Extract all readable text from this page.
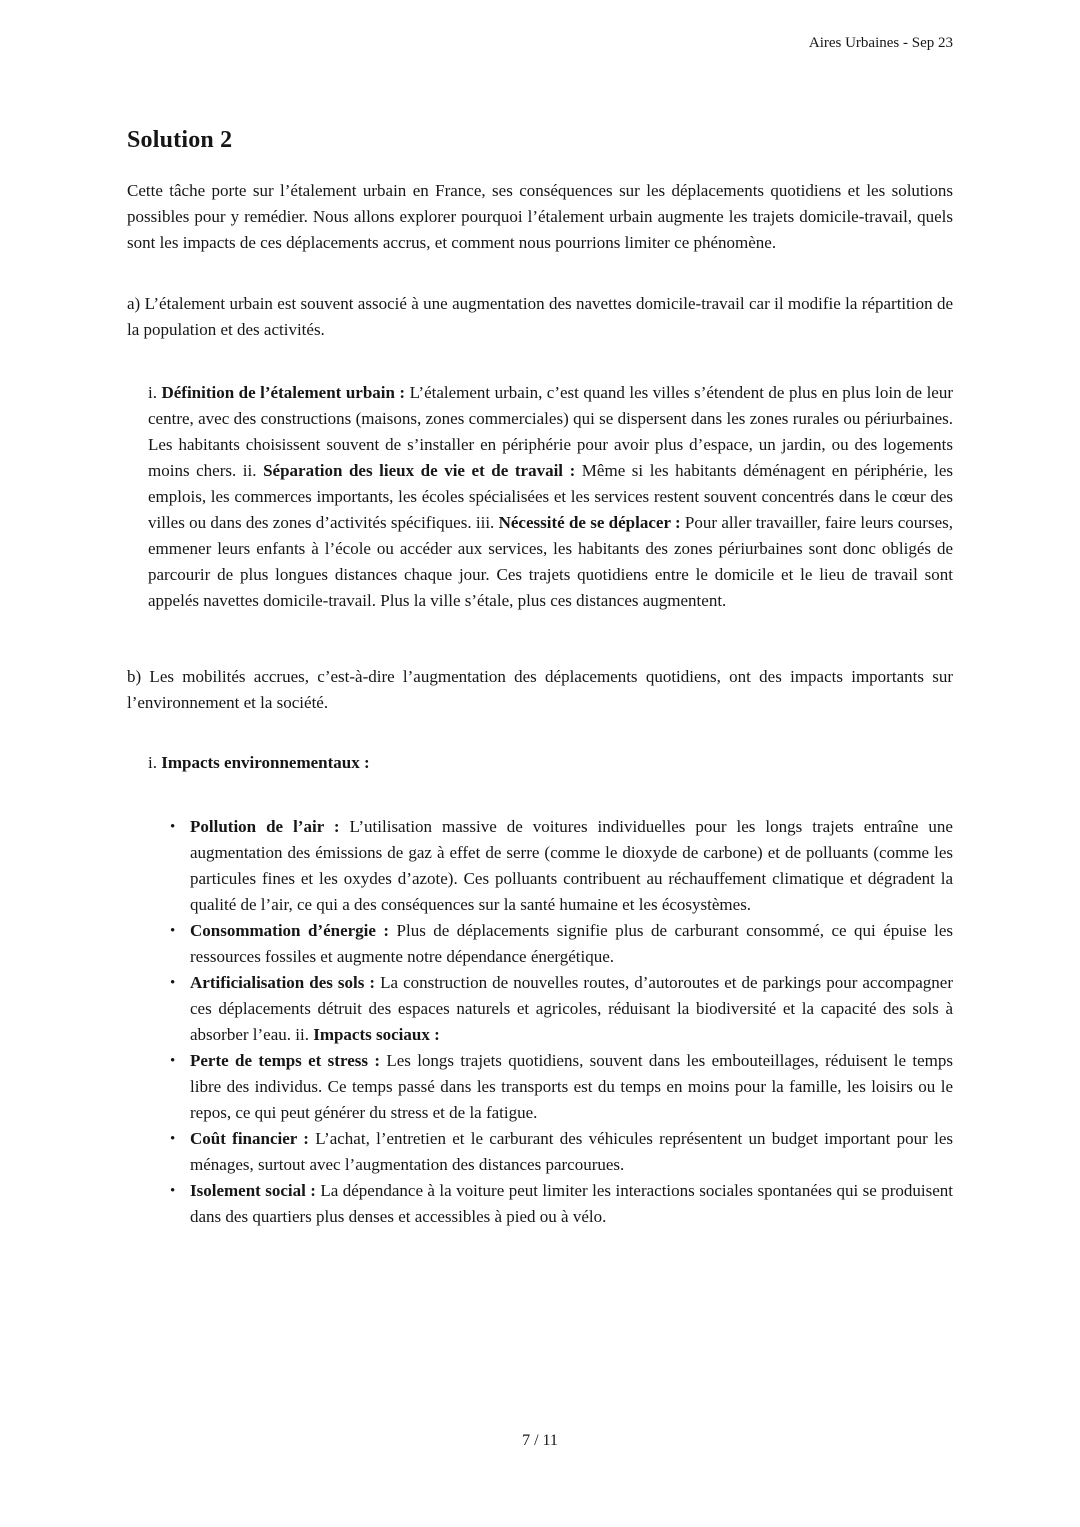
Aires Urbaines - Sep 23
Solution 2

Cette tâche porte sur l’étalement urbain en France, ses conséquences sur les déplacements quotidiens et les solutions possibles pour y remédier. Nous allons explorer pourquoi l’étalement urbain augmente les trajets domicile-travail, quels sont les impacts de ces déplacements accrus, et comment nous pourrions limiter ce phénomène.

a) L’étalement urbain est souvent associé à une augmentation des navettes domicile-travail car il modifie la répartition de la population et des activités.

i. Définition de l’étalement urbain : L’étalement urbain, c’est quand les villes s’étendent de plus en plus loin de leur centre, avec des constructions (maisons, zones commerciales) qui se dispersent dans les zones rurales ou périurbaines. Les habitants choisissent souvent de s’installer en périphérie pour avoir plus d’espace, un jardin, ou des logements moins chers. ii. Séparation des lieux de vie et de travail : Même si les habitants déménagent en périphérie, les emplois, les commerces importants, les écoles spécialisées et les services restent souvent concentrés dans le cœur des villes ou dans des zones d’activités spécifiques. iii. Nécessité de se déplacer : Pour aller travailler, faire leurs courses, emmener leurs enfants à l’école ou accéder aux services, les habitants des zones périurbaines sont donc obligés de parcourir de plus longues distances chaque jour. Ces trajets quotidiens entre le domicile et le lieu de travail sont appelés navettes domicile-travail. Plus la ville s’étale, plus ces distances augmentent.

b) Les mobilités accrues, c’est-à-dire l’augmentation des déplacements quotidiens, ont des impacts importants sur l’environnement et la société.

i. Impacts environnementaux :

• Pollution de l’air : L’utilisation massive de voitures individuelles pour les longs trajets entraîne une augmentation des émissions de gaz à effet de serre (comme le dioxyde de carbone) et de polluants (comme les particules fines et les oxydes d’azote). Ces polluants contribuent au réchauffement climatique et dégradent la qualité de l’air, ce qui a des conséquences sur la santé humaine et les écosystèmes.
• Consommation d’énergie : Plus de déplacements signifie plus de carburant consommé, ce qui épuise les ressources fossiles et augmente notre dépendance énergétique.
• Artificialisation des sols : La construction de nouvelles routes, d’autoroutes et de parkings pour accompagner ces déplacements détruit des espaces naturels et agricoles, réduisant la biodiversité et la capacité des sols à absorber l’eau. ii. Impacts sociaux :
• Perte de temps et stress : Les longs trajets quotidiens, souvent dans les embouteillages, réduisent le temps libre des individus. Ce temps passé dans les transports est du temps en moins pour la famille, les loisirs ou le repos, ce qui peut générer du stress et de la fatigue.
• Coût financier : L’achat, l’entretien et le carburant des véhicules représentent un budget important pour les ménages, surtout avec l’augmentation des distances parcourues.
• Isolement social : La dépendance à la voiture peut limiter les interactions sociales spontanées qui se produisent dans des quartiers plus denses et accessibles à pied ou à vélo.
7 / 11
